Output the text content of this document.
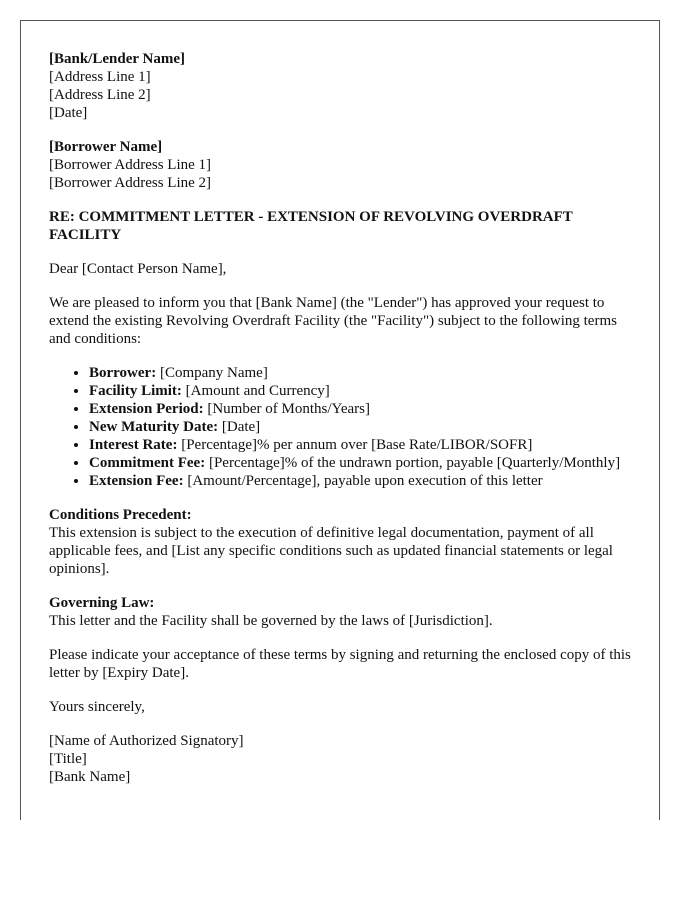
[Bank/Lender Name]
[Address Line 1]
[Address Line 2]
[Date]
[Borrower Name]
[Borrower Address Line 1]
[Borrower Address Line 2]
RE: COMMITMENT LETTER - EXTENSION OF REVOLVING OVERDRAFT FACILITY

Dear [Contact Person Name],

We are pleased to inform you that [Bank Name] (the "Lender") has approved your request to extend the existing Revolving Overdraft Facility (the "Facility") subject to the following terms and conditions:

• Borrower: [Company Name]
• Facility Limit: [Amount and Currency]
• Extension Period: [Number of Months/Years]
• New Maturity Date: [Date]
• Interest Rate: [Percentage]% per annum over [Base Rate/LIBOR/SOFR]
• Commitment Fee: [Percentage]% of the undrawn portion, payable [Quarterly/Monthly]
• Extension Fee: [Amount/Percentage], payable upon execution of this letter
Conditions Precedent:
This extension is subject to the execution of definitive legal documentation, payment of all applicable fees, and [List any specific conditions such as updated financial statements or legal opinions].
Governing Law:
This letter and the Facility shall be governed by the laws of [Jurisdiction].

Please indicate your acceptance of these terms by signing and returning the enclosed copy of this letter by [Expiry Date].

Yours sincerely,

[Name of Authorized Signatory]
[Title]
[Bank Name]
